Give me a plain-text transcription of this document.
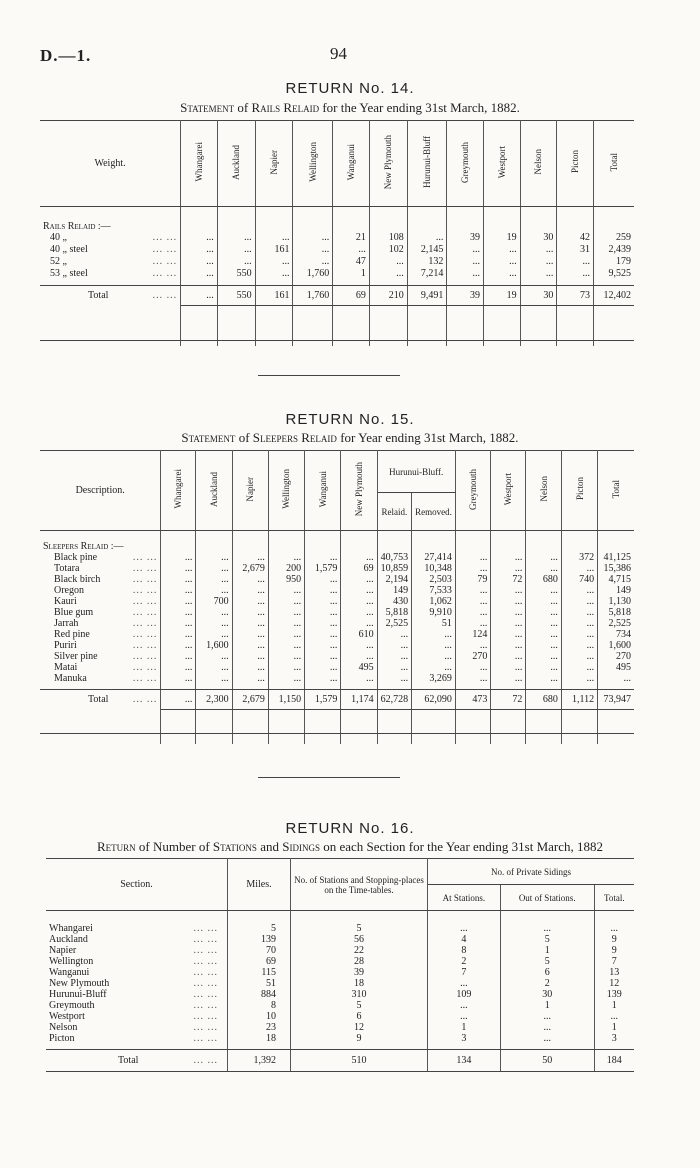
D.—1.	94
RETURN No. 14.
Statement of Rails Relaid for the Year ending 31st March, 1882.
Weight.	Whangarei	Auckland	Napier	Wellington	Wanganui	New Plymouth	Hurunui-Bluff	Greymouth	Westport	Nelson	Picton	Total

Rails Relaid :—												
40 „ ... ...	...	...	...	...	21	108	...	39	19	30	42	259
40 „ steel ... ...	...	...	161	...	...	102	2,145	...	...	...	31	2,439
52 „ ... ...	...	...	...	...	47	...	132	...	...	...	...	179
53 „ steel ... ...	...	550	...	1,760	1	...	7,214	...	...	...	...	9,525

Total ... ...	...	550	161	1,760	69	210	9,491	39	19	30	73	12,402

RETURN No. 15.
Statement of Sleepers Relaid for Year ending 31st March, 1882.
Description.	Whangarei	Auckland	Napier	Wellington	Wanganui	New Plymouth	Hurunui-Bluff.		Greymouth	Westport	Nelson	Picton	Total
							Relaid.	Removed.					

Sleepers Relaid :—													
Black pine ... ...	...	...	...	...	...	...	40,753	27,414	...	...	...	372	41,125
Totara ... ...	...	...	2,679	200	1,579	69	10,859	10,348	...	...	...	...	15,386
Black birch ... ...	...	...	...	950	...	...	2,194	2,503	79	72	680	740	4,715
Oregon ... ...	...	...	...	...	...	...	149	7,533	...	...	...	...	149
Kauri ... ...	...	700	...	...	...	...	430	1,062	...	...	...	...	1,130
Blue gum ... ...	...	...	...	...	...	...	5,818	9,910	...	...	...	...	5,818
Jarrah ... ...	...	...	...	...	...	...	2,525	51	...	...	...	...	2,525
Red pine ... ...	...	...	...	...	...	610	...	...	124	...	...	...	734
Puriri ... ...	...	1,600	...	...	...	...	...	...	...	...	...	...	1,600
Silver pine ... ...	...	...	...	...	...	...	...	...	270	...	...	...	270
Matai ... ...	...	...	...	...	...	495	...	...	...	...	...	...	495
Manuka ... ...	...	...	...	...	...	...	...	3,269	...	...	...	...	...

Total ... ...	...	2,300	2,679	1,150	1,579	1,174	62,728	62,090	473	72	680	1,112	73,947

RETURN No. 16.
Return of Number of Stations and Sidings on each Section for the Year ending 31st March, 1882
Section.	Miles.	No. of Stations and Stopping-places on the Time-tables.	No. of Private Sidings		
			At Stations.	Out of Stations.	Total.

Whangarei ... ...	5	5	...	...	...
Auckland ... ...	139	56	4	5	9
Napier ... ...	70	22	8	1	9
Wellington ... ...	69	28	2	5	7
Wanganui ... ...	115	39	7	6	13
New Plymouth ... ...	51	18	...	2	12
Hurunui-Bluff ... ...	884	310	109	30	139
Greymouth ... ...	8	5	...	1	1
Westport ... ...	10	6	...	...	...
Nelson ... ...	23	12	1	...	1
Picton ... ...	18	9	3	...	3

Total ... ...	1,392	510	134	50	184
